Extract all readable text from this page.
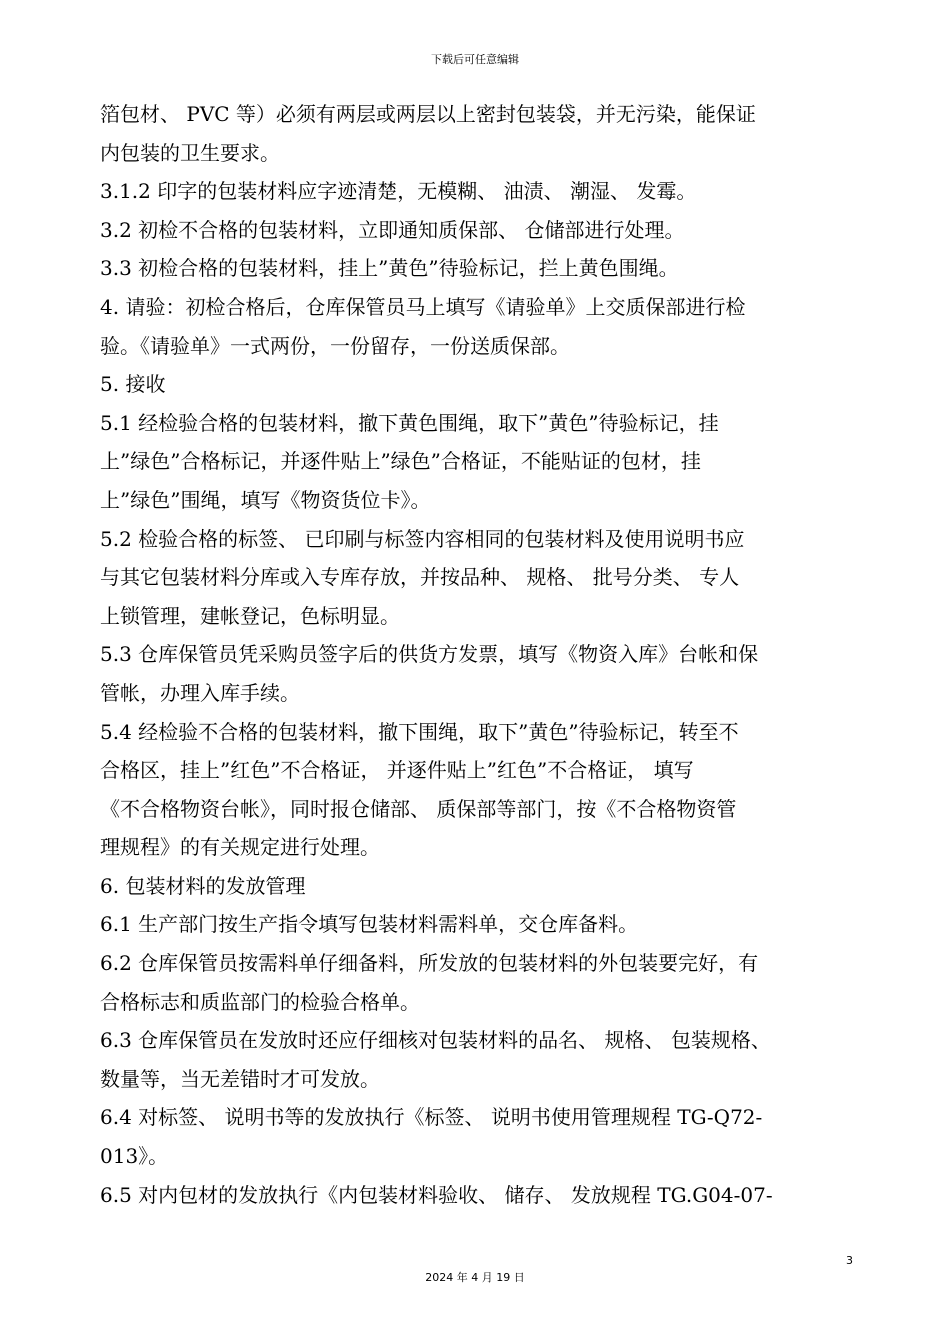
下载后可任意编辑
箔包材、 PVC 等）必须有两层或两层以上密封包装袋，并无污染，能保证
内包装的卫生要求。
3.1.2 印字的包装材料应字迹清楚，无模糊、 油渍、 潮湿、 发霉。
3.2 初检不合格的包装材料，立即通知质保部、 仓储部进行处理。
3.3 初检合格的包装材料，挂上”黄色”待验标记，拦上黄色围绳。
4. 请验：初检合格后，仓库保管员马上填写《请验单》上交质保部进行检
验。《请验单》一式两份，一份留存，一份送质保部。
5. 接收
5.1 经检验合格的包装材料，撤下黄色围绳，取下”黄色”待验标记，挂
上”绿色”合格标记，并逐件贴上”绿色”合格证，不能贴证的包材，挂
上”绿色”围绳，填写《物资货位卡》。
5.2 检验合格的标签、 已印刷与标签内容相同的包装材料及使用说明书应
与其它包装材料分库或入专库存放，并按品种、 规格、 批号分类、 专人
上锁管理，建帐登记，色标明显。
5.3 仓库保管员凭采购员签字后的供货方发票，填写《物资入库》台帐和保
管帐，办理入库手续。
5.4 经检验不合格的包装材料，撤下围绳，取下”黄色”待验标记，转至不
合格区，挂上”红色”不合格证， 并逐件贴上”红色”不合格证， 填写
《不合格物资台帐》，同时报仓储部、 质保部等部门，按《不合格物资管
理规程》的有关规定进行处理。
6. 包装材料的发放管理
6.1 生产部门按生产指令填写包装材料需料单，交仓库备料。
6.2 仓库保管员按需料单仔细备料，所发放的包装材料的外包装要完好，有
合格标志和质监部门的检验合格单。
6.3 仓库保管员在发放时还应仔细核对包装材料的品名、 规格、 包装规格、
数量等，当无差错时才可发放。
6.4 对标签、 说明书等的发放执行《标签、 说明书使用管理规程 TG-Q72-
013》。
6.5 对内包材的发放执行《内包装材料验收、 储存、 发放规程 TG.G04-07-
3
2024 年 4 月 19 日
